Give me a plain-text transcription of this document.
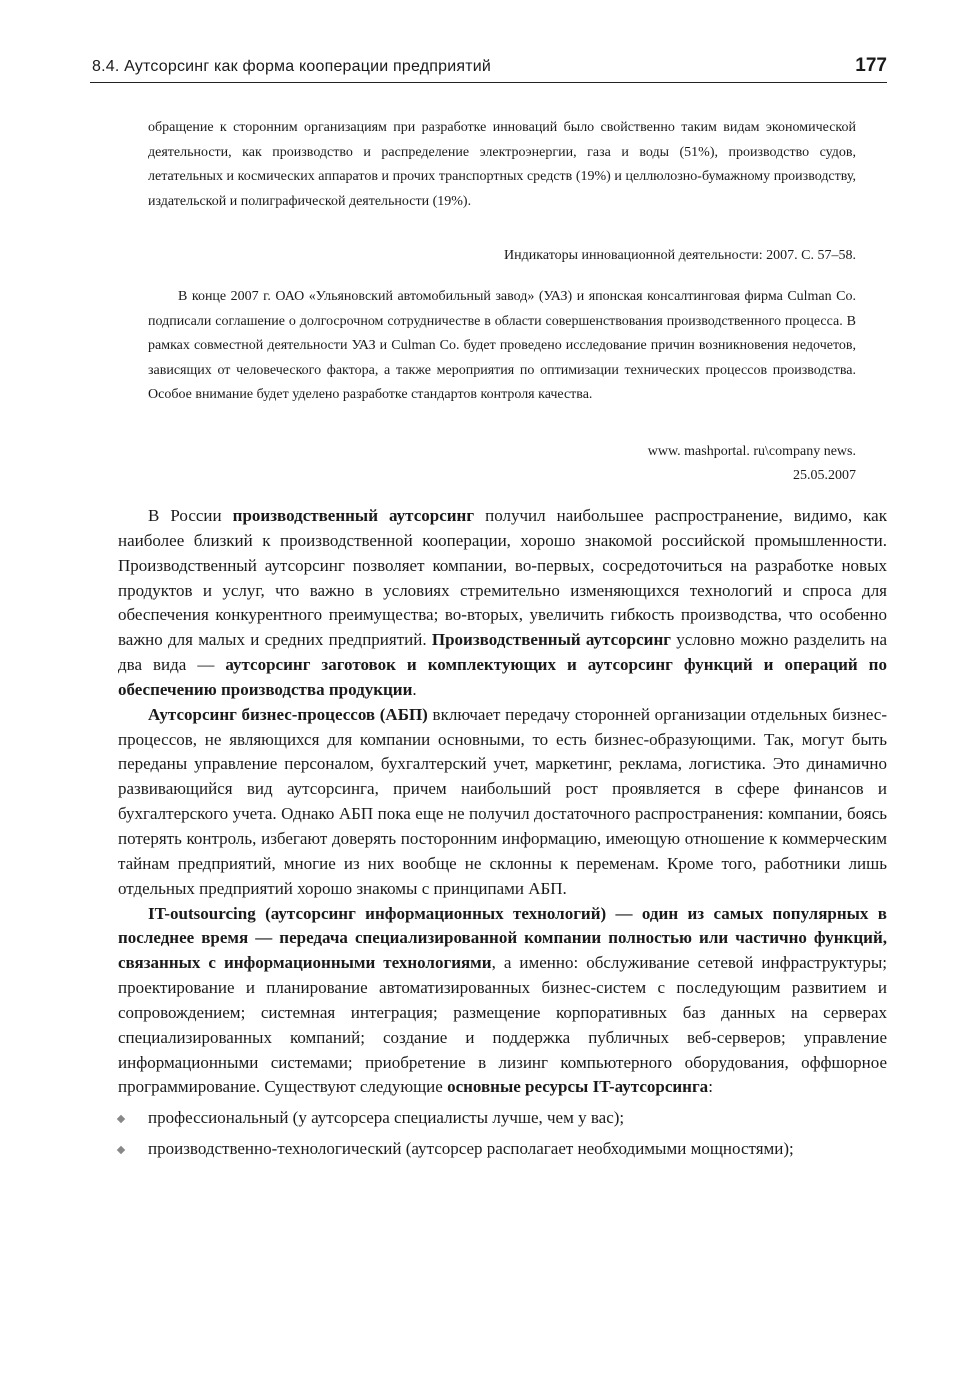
8.4. Аутсорсинг как форма кооперации предприятий	177
обращение к сторонним организациям при разработке инноваций было свойственно таким видам экономической деятельности, как производство и распределение электроэнергии, газа и воды (51%), производство судов, летательных и космических аппаратов и прочих транспортных средств (19%) и целлюлозно-бумажному производству, издательской и полиграфической деятельности (19%).
Индикаторы инновационной деятельности: 2007. С. 57–58.
В конце 2007 г. ОАО «Ульяновский автомобильный завод» (УАЗ) и японская консалтинговая фирма Culman Co. подписали соглашение о долгосрочном сотрудничестве в области совершенствования производственного процесса. В рамках совместной деятельности УАЗ и Culman Co. будет проведено исследование причин возникновения недочетов, зависящих от человеческого фактора, а также мероприятия по оптимизации технических процессов производства. Особое внимание будет уделено разработке стандартов контроля качества.
www. mashportal. ru\company news.
25.05.2007

В России производственный аутсорсинг получил наибольшее распространение, видимо, как наиболее близкий к производственной кооперации, хорошо знакомой российской промышленности. Производственный аутсорсинг позволяет компании, во-первых, сосредоточиться на разработке новых продуктов и услуг, что важно в условиях стремительно изменяющихся технологий и спроса для обеспечения конкурентного преимущества; во-вторых, увеличить гибкость производства, что особенно важно для малых и средних предприятий. Производственный аутсорсинг условно можно разделить на два вида — аутсорсинг заготовок и комплектующих и аутсорсинг функций и операций по обеспечению производства продукции.

Аутсорсинг бизнес-процессов (АБП) включает передачу сторонней организации отдельных бизнес-процессов, не являющихся для компании основными, то есть бизнес-образующими. Так, могут быть переданы управление персоналом, бухгалтерский учет, маркетинг, реклама, логистика. Это динамично развивающийся вид аутсорсинга, причем наибольший рост проявляется в сфере финансов и бухгалтерского учета. Однако АБП пока еще не получил достаточного распространения: компании, боясь потерять контроль, избегают доверять посторонним информацию, имеющую отношение к коммерческим тайнам предприятий, многие из них вообще не склонны к переменам. Кроме того, работники лишь отдельных предприятий хорошо знакомы с принципами АБП.

IT-outsourcing (аутсорсинг информационных технологий) — один из самых популярных в последнее время — передача специализированной компании полностью или частично функций, связанных с информационными технологиями, а именно: обслуживание сетевой инфраструктуры; проектирование и планирование автоматизированных бизнес-систем с последующим развитием и сопровождением; системная интеграция; размещение корпоративных баз данных на серверах специализированных компаний; создание и поддержка публичных веб-серверов; управление информационными системами; приобретение в лизинг компьютерного оборудования, оффшорное программирование. Существуют следующие основные ресурсы IT-аутсорсинга:

профессиональный (у аутсорсера специалисты лучше, чем у вас);
производственно-технологический (аутсорсер располагает необходимыми мощностями);
